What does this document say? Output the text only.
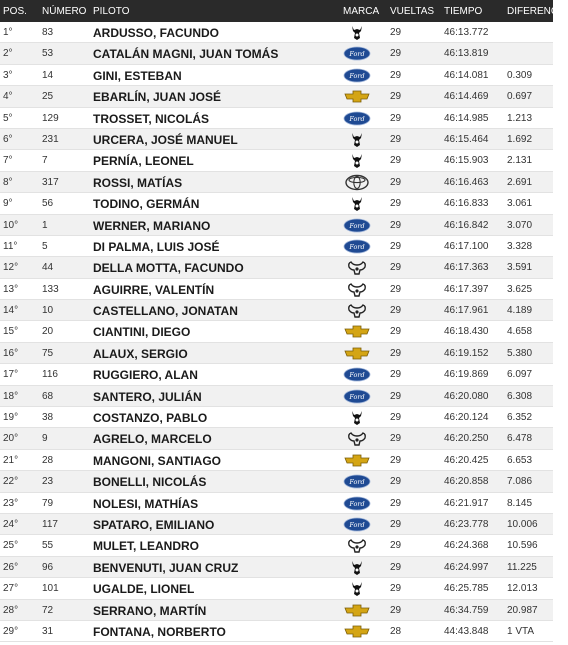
POS. NÚMERO PILOTO	MARCA VUELTAS TIEMPO DIFERENCIA
1°	83	ARDUSSO, FACUNDO	29	46:13.772
2°	53	CATALÁN MAGNI, JUAN TOMÁS	29	46:13.819
Ford
3°	14	GINI, ESTEBAN	29	46:14.081 0.309
Ford
4°	25	EBARLÍN, JUAN JOSÉ	29	46:14.469 0.697
5°	129	TROSSET, NICOLÁS	29	46:14.985 1.213
Ford
6°	231	URCERA, JOSÉ MANUEL	29	46:15.464 1.692
7°	7	PERNÍA, LEONEL	29	46:15.903 2.131
8°	317	ROSSI, MATÍAS	29	46:16.463 2.691
9°	56	TODINO, GERMÁN	29	46:16.833 3.061
10°	1	WERNER, MARIANO	29	46:16.842 3.070
Ford
11°	5	DI PALMA, LUIS JOSÉ	29	46:17.100 3.328
Ford
12°	44	DELLA MOTTA, FACUNDO	29	46:17.363 3.591
13°	133	AGUIRRE, VALENTÍN	29	46:17.397 3.625
14°	10	CASTELLANO, JONATAN	29	46:17.961 4.189
15°	20	CIANTINI, DIEGO	29	46:18.430 4.658
16°	75	ALAUX, SERGIO	29	46:19.152 5.380
17°	116	RUGGIERO, ALAN	29	46:19.869 6.097
Ford
18°	68	SANTERO, JULIÁN	29	46:20.080 6.308
Ford
19°	38	COSTANZO, PABLO	29	46:20.124 6.352
20°	9	AGRELO, MARCELO	29	46:20.250 6.478
21°	28	MANGONI, SANTIAGO	29	46:20.425 6.653
22°	23	BONELLI, NICOLÁS	29	46:20.858 7.086
Ford
23°	79	NOLESI, MATHÍAS	29	46:21.917 8.145
Ford
24°	117	SPATARO, EMILIANO	29	46:23.778 10.006
Ford
25°	55	MULET, LEANDRO	29	46:24.368 10.596
26°	96	BENVENUTI, JUAN CRUZ	29	46:24.997 11.225
27°	101	UGALDE, LIONEL	29	46:25.785 12.013
28°	72	SERRANO, MARTÍN	29	46:34.759 20.987
29°	31	FONTANA, NORBERTO	28	44:43.848 1 VTA
